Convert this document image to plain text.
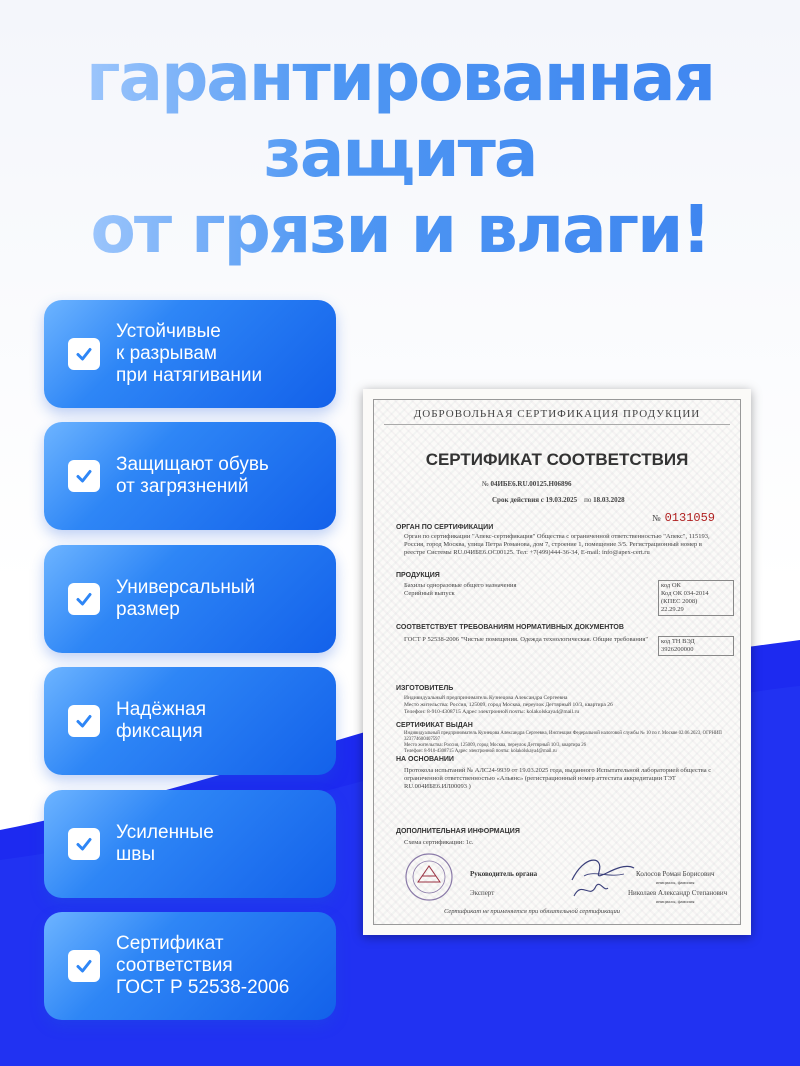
гарантированная
защита
от грязи и влаги!
Устойчивые
к разрывам
при натягивании
Защищают обувь
от загрязнений
Универсальный
размер
Надёжная
фиксация
Усиленные
швы
Сертификат
соответствия
ГОСТ Р 52538-2006
ДОБРОВОЛЬНАЯ СЕРТИФИКАЦИЯ ПРОДУКЦИИ
СЕРТИФИКАТ СООТВЕТСТВИЯ
№ 04ИБЕ6.RU.00125.H06896
Срок действия с 19.03.2025 по 18.03.2028
№ 0131059
ОРГАН ПО СЕРТИФИКАЦИИ
Орган по сертификации "Апекс-сертификация" Общества с ограниченной ответственностью "Апекс", 115193, Россия, город Москва, улица Петра Романова, дом 7, строение 1, помещение 3/5. Регистрационный номер в реестре Системы RU.04ИБЕ6.ОС00125. Тел: +7(499)444-36-34, E-mail: info@apex-cert.ru
ПРОДУКЦИЯ
Бахилы одноразовые общего назначения
Серийный выпуск
код ОК
Код ОК 034-2014
(КПЕС 2008)
22.29.29
СООТВЕТСТВУЕТ ТРЕБОВАНИЯМ НОРМАТИВНЫХ ДОКУМЕНТОВ
ГОСТ Р 52538-2006 "Чистые помещения. Одежда технологическая. Общие требования"	код ТН ВЭД
3926200000
ИЗГОТОВИТЕЛЬ
Индивидуальный предприниматель Кузнецова Александра Сергеевна
Место жительства: Россия, 125009, город Москва, переулок Дегтярный 10/3, квартира 26
Телефон: 8-910-4308715 Адрес электронной почты: kolakolskaya4@mail.ru
СЕРТИФИКАТ ВЫДАН
Индивидуальный предприниматель Кузнецова Александра Сергеевна, Инспекция Федеральной налоговой службы № 10 по г. Москве 02.06.2023, ОГРНИП 323774600407597
Место жительства: Россия, 125009, город Москва, переулок Дегтярный 10/3, квартира 26
Телефон: 8-910-4308715 Адрес электронной почты: kolakolskaya4@mail.ru
НА ОСНОВАНИИ
Протокола испытаний № АЛС24-9939 от 19.03.2025 года, выданного Испытательной лабораторией общества с ограниченной ответственностью «Альянс» (регистрационный номер аттестата аккредитации ТЭТ RU.004ИБЕ6.ИЛ00093 )
ДОПОЛНИТЕЛЬНАЯ ИНФОРМАЦИЯ
Схема сертификации: 1с.
Руководитель органа	Колосов Роман Борисович
инициалы, фамилия
Эксперт	Николаев Александр Степанович
инициалы, фамилия
Сертификат не применяется при обязательной сертификации
